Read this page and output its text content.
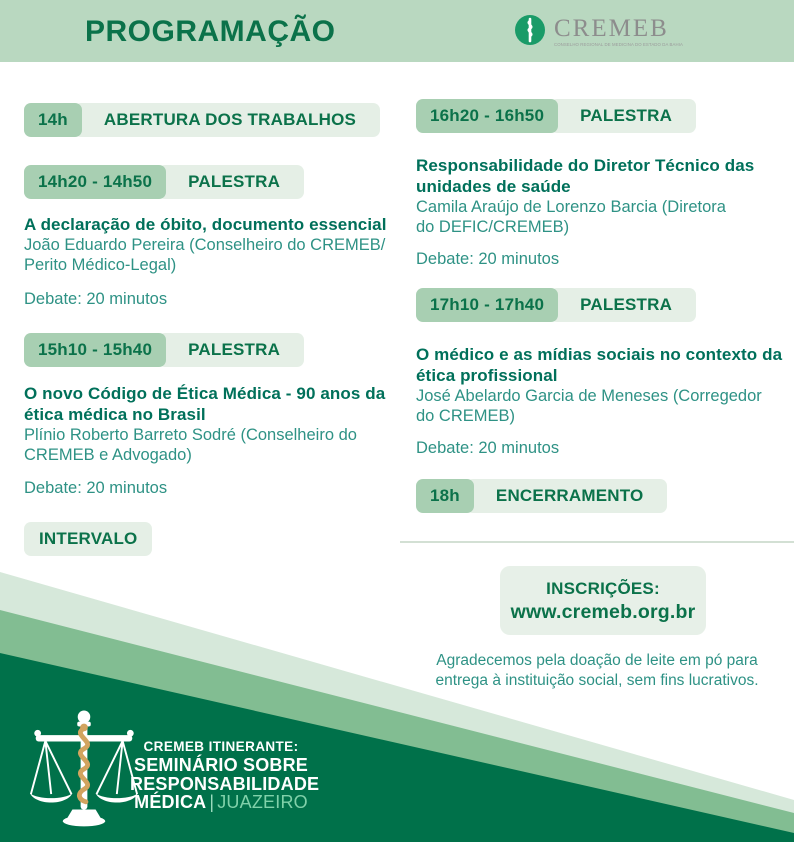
PROGRAMAÇÃO	CREMEB
CONSELHO REGIONAL DE MEDICINA DO ESTADO DA BAHIA
14h	ABERTURA DOS TRABALHOS
14h20 - 14h50	PALESTRA
A declaração de óbito, documento essencial
João Eduardo Pereira (Conselheiro do CREMEB/
Perito Médico-Legal)
Debate: 20 minutos
15h10 - 15h40	PALESTRA
O novo Código de Ética Médica - 90 anos da
ética médica no Brasil
Plínio Roberto Barreto Sodré (Conselheiro do
CREMEB e Advogado)
Debate: 20 minutos
INTERVALO
16h20 - 16h50	PALESTRA
Responsabilidade do Diretor Técnico das
unidades de saúde
Camila Araújo de Lorenzo Barcia (Diretora
do DEFIC/CREMEB)
Debate: 20 minutos
17h10 - 17h40	PALESTRA
O médico e as mídias sociais no contexto da
ética profissional
José Abelardo Garcia de Meneses (Corregedor
do CREMEB)
Debate: 20 minutos
18h	ENCERRAMENTO
INSCRIÇÕES:
www.cremeb.org.br
Agradecemos pela doação de leite em pó para
entrega à instituição social, sem fins lucrativos.
CREMEB ITINERANTE:
SEMINÁRIO SOBRE
RESPONSABILIDADE
MÉDICA | JUAZEIRO
